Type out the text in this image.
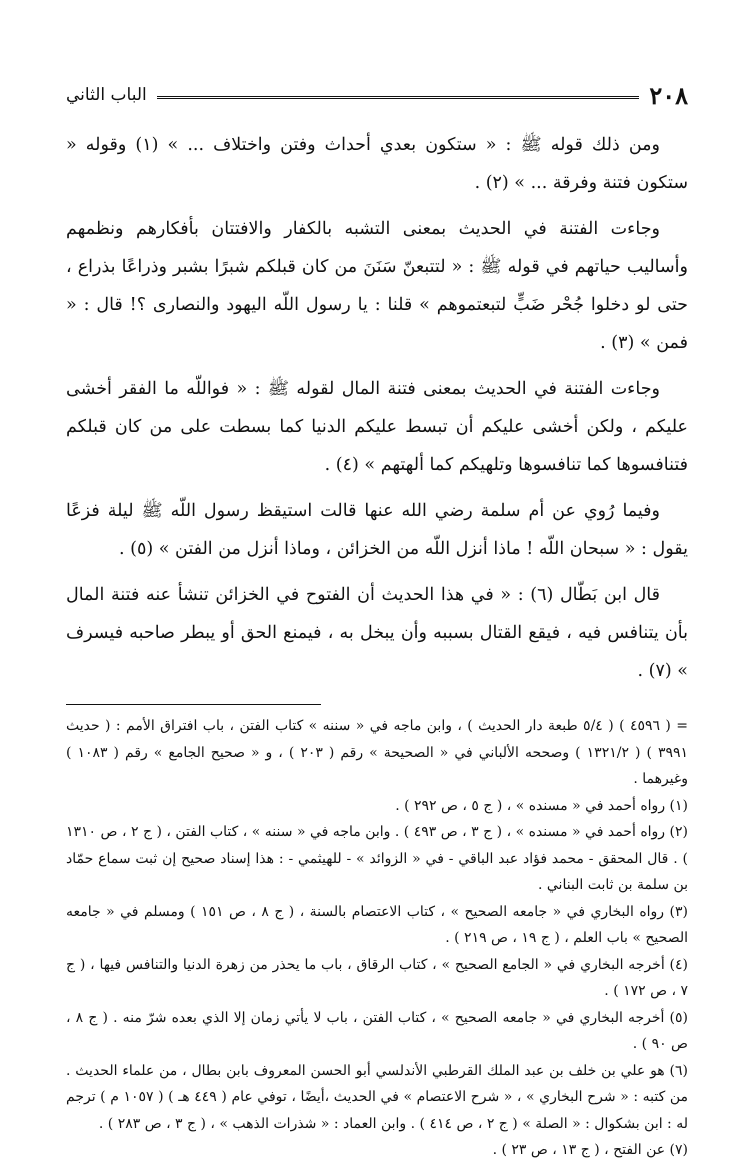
٢٠٨
الباب الثاني

ومن ذلك قوله ﷺ : « ستكون بعدي أحداث وفتن واختلاف ... » (١) وقوله « ستكون فتنة وفرقة ... » (٢) .

وجاءت الفتنة في الحديث بمعنى التشبه بالكفار والافتتان بأفكارهم ونظمهم وأساليب حياتهم في قوله ﷺ : « لتتبعنّ سَنَنَ من كان قبلكم شبرًا بشبر وذراعًا بذراع ، حتى لو دخلوا جُحْر ضَبٍّ لتبعتموهم » قلنا : يا رسول اللّه اليهود والنصارى ؟! قال : « فمن » (٣) .

وجاءت الفتنة في الحديث بمعنى فتنة المال لقوله ﷺ : « فواللّه ما الفقر أخشى عليكم ، ولكن أخشى عليكم أن تبسط عليكم الدنيا كما بسطت على من كان قبلكم فتنافسوها كما تنافسوها وتلهيكم كما ألهتهم » (٤) .

وفيما رُوي عن أم سلمة رضي الله عنها قالت استيقظ رسول اللّه ﷺ ليلة فزعًا يقول : « سبحان اللّه ! ماذا أنزل اللّه من الخزائن ، وماذا أنزل من الفتن » (٥) .

قال ابن بَطّال (٦) : « في هذا الحديث أن الفتوح في الخزائن تنشأ عنه فتنة المال بأن يتنافس فيه ، فيقع القتال بسببه وأن يبخل به ، فيمنع الحق أو يبطر صاحبه فيسرف » (٧) .

= ( ٤٥٩٦ ) ( ٥/٤ طبعة دار الحديث ) ، وابن ماجه في « سننه » كتاب الفتن ، باب افتراق الأمم : ( حديث ٣٩٩١ ) ( ١٣٢١/٢ ) وصححه الألباني في « الصحيحة » رقم ( ٢٠٣ ) ، و « صحيح الجامع » رقم ( ١٠٨٣ ) وغيرهما .

(١) رواه أحمد في « مسنده » ، ( ج ٥ ، ص ٢٩٢ ) .

(٢) رواه أحمد في « مسنده » ، ( ج ٣ ، ص ٤٩٣ ) . وابن ماجه في « سننه » ، كتاب الفتن ، ( ج ٢ ، ص ١٣١٠ ) . قال المحقق - محمد فؤاد عبد الباقي - في « الزوائد » - للهيثمي - : هذا إسناد صحيح إن ثبت سماع حمّاد بن سلمة بن ثابت البناني .

(٣) رواه البخاري في « جامعه الصحيح » ، كتاب الاعتصام بالسنة ، ( ج ٨ ، ص ١٥١ ) ومسلم في « جامعه الصحيح » باب العلم ، ( ج ١٩ ، ص ٢١٩ ) .

(٤) أخرجه البخاري في « الجامع الصحيح » ، كتاب الرقاق ، باب ما يحذر من زهرة الدنيا والتنافس فيها ، ( ج ٧ ، ص ١٧٢ ) .

(٥) أخرجه البخاري في « جامعه الصحيح » ، كتاب الفتن ، باب لا يأتي زمان إلا الذي بعده شرّ منه . ( ج ٨ ، ص ٩٠ ) .

(٦) هو علي بن خلف بن عبد الملك القرطبي الأندلسي أبو الحسن المعروف بابن بطال ، من علماء الحديث . من كتبه : « شرح البخاري » ، « شرح الاعتصام » في الحديث ،أيضًا ، توفي عام ( ٤٤٩ هـ ) ( ١٠٥٧ م ) ترجم له : ابن بشكوال : « الصلة » ( ج ٢ ، ص ٤١٤ ) . وابن العماد : « شذرات الذهب » ، ( ج ٣ ، ص ٢٨٣ ) .

(٧) عن الفتح ، ( ج ١٣ ، ص ٢٣ ) .
